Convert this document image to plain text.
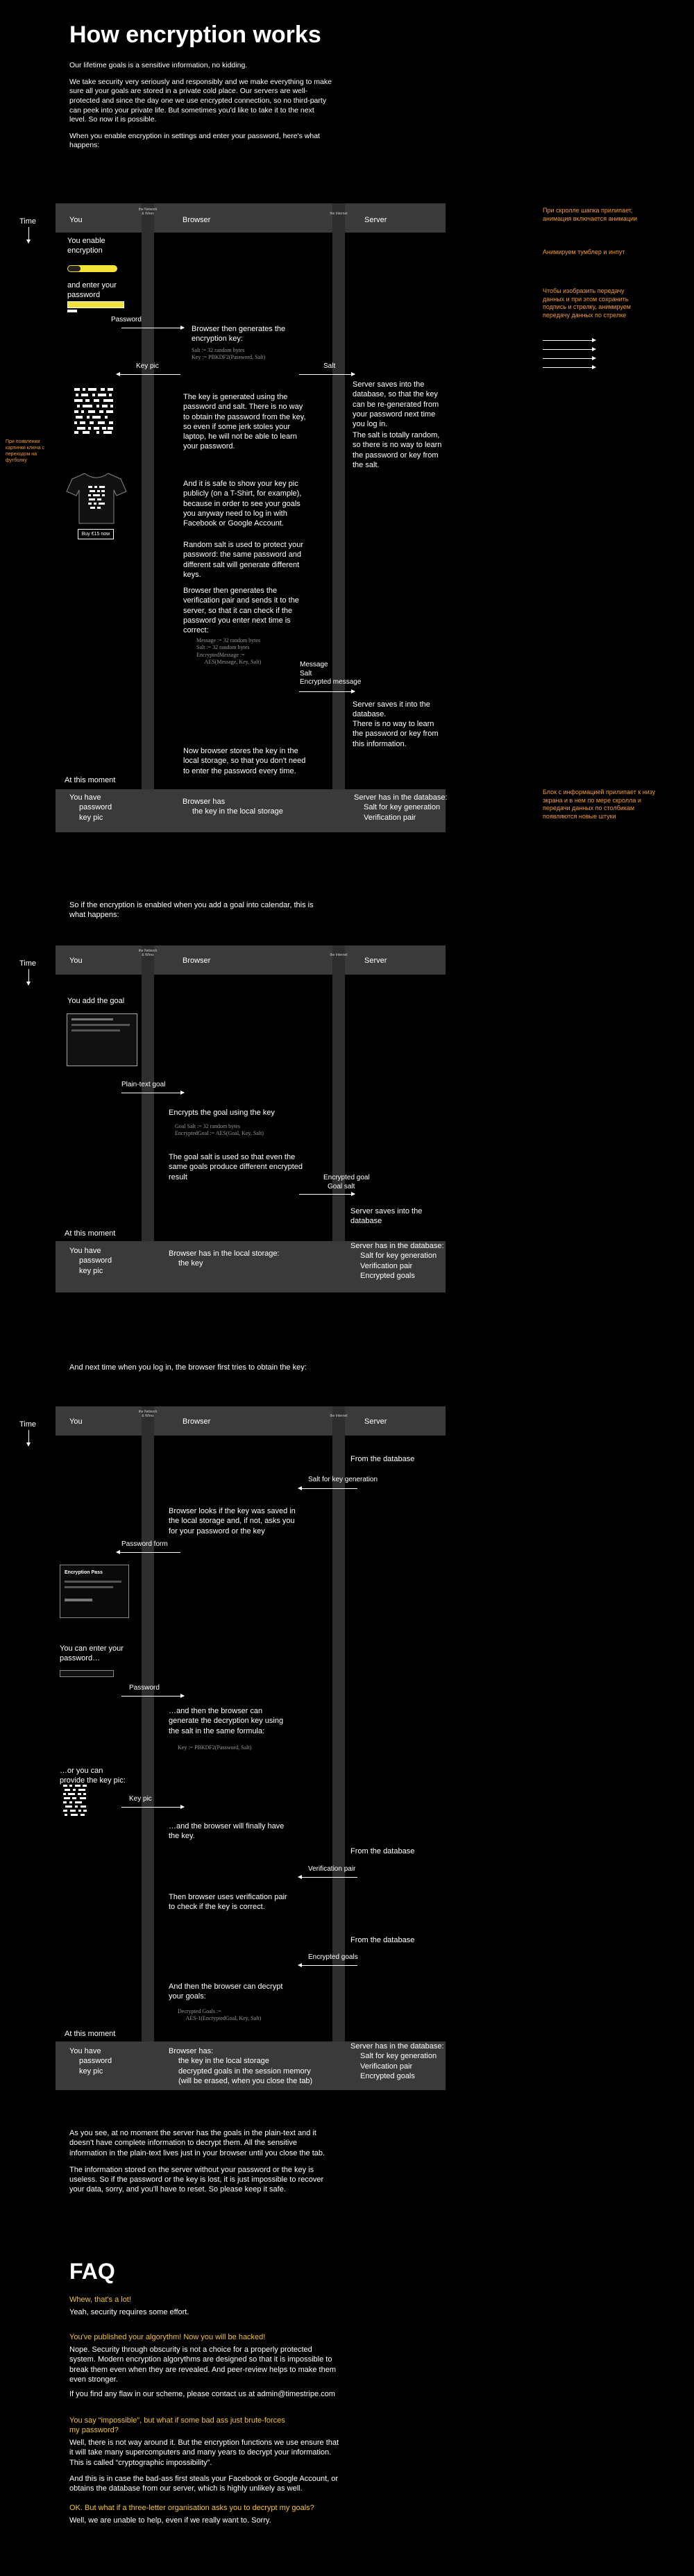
How encryption works

Our lifetime goals is a sensitive information, no kidding.

We take security very seriously and responsibly and we make everything to make sure all your goals are stored in a private cold place. Our servers are well-protected and since the day one we use encrypted connection, so no third-party can peek into your private life. But sometimes you'd like to take it to the next level. So now it is possible.

When you enable encryption in settings and enter your password, here's what happens:

You
the Network & Wires
Browser
the Internet
Server
Time
You enable encryption
and enter your password
Password
Browser then generates the encryption key:
Salt := 32 random bytes
Key := PBKDF2(Password, Salt)
Key pic	Salt
Server saves into the database, so that the key can be re-generated from your password next time you log in.
The salt is totally random, so there is no way to learn the password or key from the salt.
The key is generated using the password and salt. There is no way to obtain the password from the key, so even if some jerk stoles your laptop, he will not be able to learn your password.
And it is safe to show your key pic publicly (on a T-Shirt, for example), because in order to see your goals you anyway need to log in with Facebook or Google Account.
Random salt is used to protect your password: the same password and different salt will generate different keys.
Browser then generates the verification pair and sends it to the server, so that it can check if the password you enter next time is correct:
Message := 32 random bytes
Salt := 32 random bytes
EncryptedMessage :=
AES(Message, Key, Salt)	Message
Salt
Encrypted message
Server saves it into the database.
There is no way to learn the password or key from this information.
Now browser stores the key in the local storage, so that you don't need to enter the password every time.
Buy €15 now
At this moment
You have
password
key pic
Browser has
the key in the local storage
Server has in the database:
Salt for key generation
Verification pair
При скролле шапка прилипает, анимация включается анимации
Анимируем тумблер и инпут
Чтобы изобразить передачу данных и при этом сохранить подпись и стрелку, анимируем передачу данных по стрелке
При появлении картинки ключа с переходом на футболку
Блок с информацией прилипает к низу экрана и в нем по мере скролла и передачи данных по столбикам появляются новые штуки
So if the encryption is enabled when you add a goal into calendar, this is what happens:
You
the Network & Wires
Browser
the Internet
Server
Time
You add the goal
Plain-text goal
Encrypts the goal using the key
Goal Salt := 32 random bytes
EncryptedGoal := AES(Goal, Key, Salt)
The goal salt is used so that even the same goals produce different encrypted result	Encrypted goal
Goal salt
Server saves into the database
At this moment
You have
password
key pic
Browser has in the local storage:
the key
Server has in the database:
Salt for key generation
Verification pair
Encrypted goals
And next time when you log in, the browser first tries to obtain the key:
You
the Network & Wires
Browser
the Internet
Server
Time
From the database
Salt for key generation
Browser looks if the key was saved in the local storage and, if not, asks you for your password or the key
Password form
Encryption Pass
You can enter your password…
Password
…and then the browser can generate the decryption key using the salt in the same formula:
Key := PBKDF2(Password, Salt)
…or you can provide the key pic:
Key pic
…and the browser will finally have the key.
From the database
Verification pair
Then browser uses verification pair to check if the key is correct.
From the database
Encrypted goals
And then the browser can decrypt your goals:
Decrypted Goals :=
AES-1(EncryptedGoal, Key, Salt)
At this moment
You have
password
key pic
Browser has:
the key in the local storage
decrypted goals in the session memory
(will be erased, when you close the tab)
Server has in the database:
Salt for key generation
Verification pair
Encrypted goals

As you see, at no moment the server has the goals in the plain-text and it doesn't have complete information to decrypt them. All the sensitive information in the plain-text lives just in your browser until you close the tab.

The information stored on the server without your password or the key is useless. So if the password or the key is lost, it is just impossible to recover your data, sorry, and you'll have to reset. So please keep it safe.

FAQ
Whew, that's a lot!
Yeah, security requires some effort.
You've published your algorythm! Now you will be hacked!
Nope. Security through obscurity is not a choice for a properly protected system. Modern encryption algorythms are designed so that it is impossible to break them even when they are revealed. And peer-review helps to make them even stronger.
If you find any flaw in our scheme, please contact us at admin@timestripe.com
You say “impossible”, but what if some bad ass just brute-forces my password?
Well, there is not way around it. But the encryption functions we use ensure that it will take many supercomputers and many years to decrypt your information. This is called “cryptographic impossibility”.
And this is in case the bad-ass first steals your Facebook or Google Account, or obtains the database from our server, which is highly unlikely as well.
OK. But what if a three-letter organisation asks you to decrypt my goals?
Well, we are unable to help, even if we really want to. Sorry.
